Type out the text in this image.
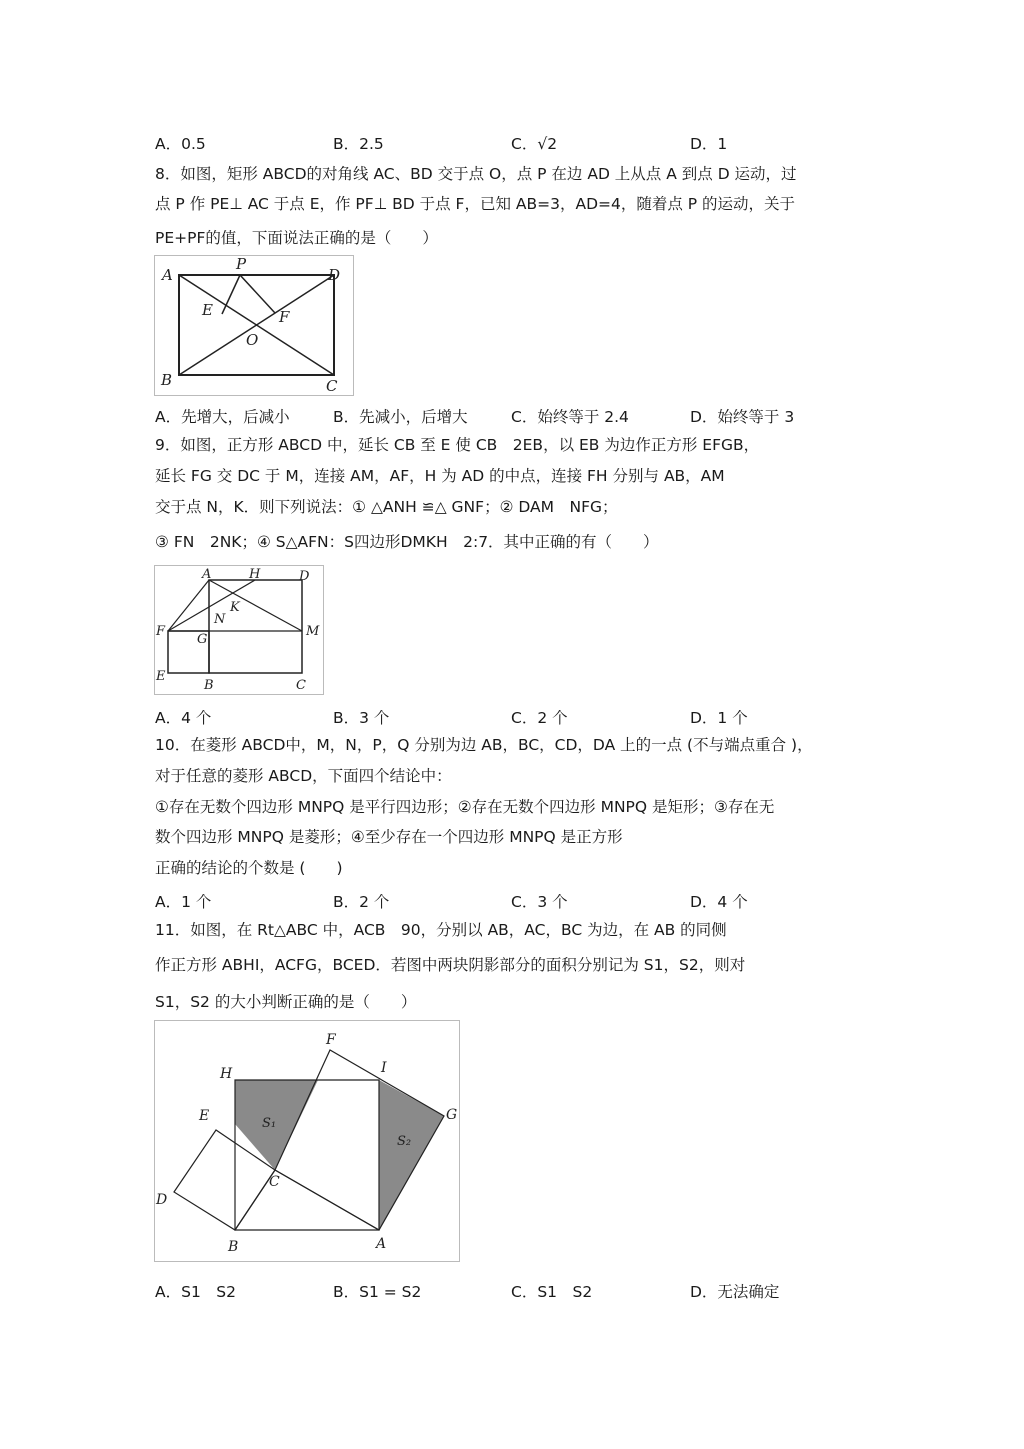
A．0.5	B．2.5	C．√2	D．1
8．如图，矩形 ABCD的对角线 AC、BD 交于点 O，点 P 在边 AD 上从点 A 到点 D 运动，过
点 P 作 PE⊥ AC 于点 E，作 PF⊥ BD 于点 F，已知 AB=3，AD=4，随着点 P 的运动，关于
PE+PF的值，下面说法正确的是（　　）
A
P
D
E	F
O
B	C
A．先增大，后减小	B．先减小，后增大	C．始终等于 2.4	D．始终等于 3
9．如图，正方形 ABCD 中，延长 CB 至 E 使 CB　2EB，以 EB 为边作正方形 EFGB，
延长 FG 交 DC 于 M，连接 AM，AF，H 为 AD 的中点，连接 FH 分别与 AB，AM
交于点 N，K．则下列说法：① △ANH ≌△ GNF；② DAM　NFG；
③ FN　2NK；④ S△AFN：S四边形DMKH　2:7．其中正确的有（　　）
A	H	D
K
N
F
G
M
E
B	C
A．4 个	B．3 个	C．2 个	D．1 个
10．在菱形 ABCD中，M，N，P，Q 分别为边 AB，BC，CD，DA 上的一点 (不与端点重合 )，
对于任意的菱形 ABCD，下面四个结论中：
①存在无数个四边形 MNPQ 是平行四边形；②存在无数个四边形 MNPQ 是矩形；③存在无
数个四边形 MNPQ 是菱形；④至少存在一个四边形 MNPQ 是正方形
正确的结论的个数是 (　　)
A．1 个	B．2 个	C．3 个	D．4 个
11．如图，在 Rt△ABC 中，ACB　90，分别以 AB，AC，BC 为边，在 AB 的同侧
作正方形 ABHI，ACFG，BCED．若图中两块阴影部分的面积分别记为 S1，S2，则对
S1，S2 的大小判断正确的是（　　）
H
F
I
E	G
S₁
S₂
C
D
B	A
A．S1　S2	B．S1 = S2	C．S1　S2	D．无法确定
